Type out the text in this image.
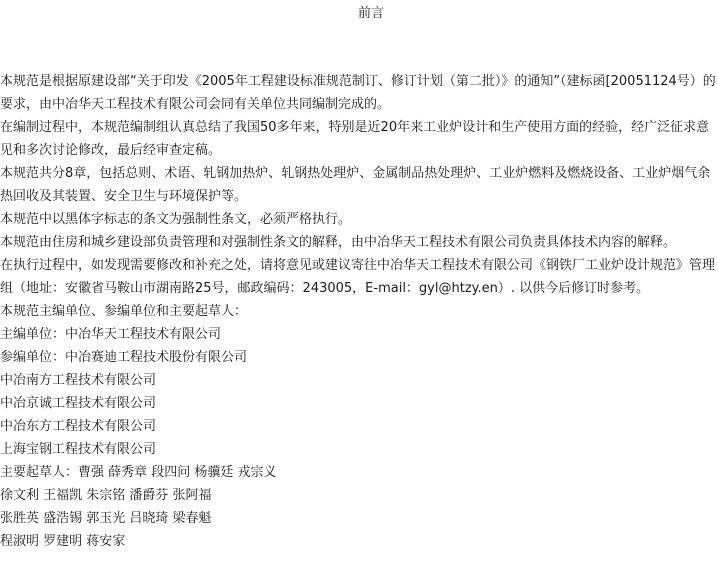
前言
本规范是根据原建设部“关于印发《2005年工程建设标准规范制订、修订计划（第二批）》的通知”（建标函[20051124号）的要求，由中冶华天工程技术有限公司会同有关单位共同编制完成的。
在编制过程中，本规范编制组认真总结了我国50多年来，特别是近20年来工业炉设计和生产使用方面的经验，经广泛征求意见和多次讨论修改，最后经审查定稿。
本规范共分8章，包括总则、术语、轧钢加热炉、轧钢热处理炉、金属制品热处理炉、工业炉燃料及燃烧设备、工业炉烟气余热回收及其装置、安全卫生与环境保护等。
本规范中以黑体字标志的条文为强制性条文，必须严格执行。
本规范由住房和城乡建设部负责管理和对强制性条文的解释，由中冶华天工程技术有限公司负责具体技术内容的解释。
在执行过程中，如发现需要修改和补充之处，请将意见或建议寄往中冶华天工程技术有限公司《钢铁厂工业炉设计规范》管理组（地址：安徽省马鞍山市湖南路25号，邮政编码：243005，E-mail：gyl@htzy.en）. 以供今后修订时参考。
本规范主编单位、参编单位和主要起草人：
主编单位：中冶华天工程技术有限公司
参编单位：中冶赛迪工程技术股份有限公司
中冶南方工程技术有限公司
中冶京诚工程技术有限公司
中冶东方工程技术有限公司
上海宝钢工程技术有限公司
主要起草人：曹强 薛秀章 段四问 杨骥廷 戎宗义
徐文利 王福凯 朱宗铭 潘爵芬 张阿福
张胜英 盛浩锡 郭玉光 吕晓琦 梁春魁
程淑明 罗建明 蒋安家
